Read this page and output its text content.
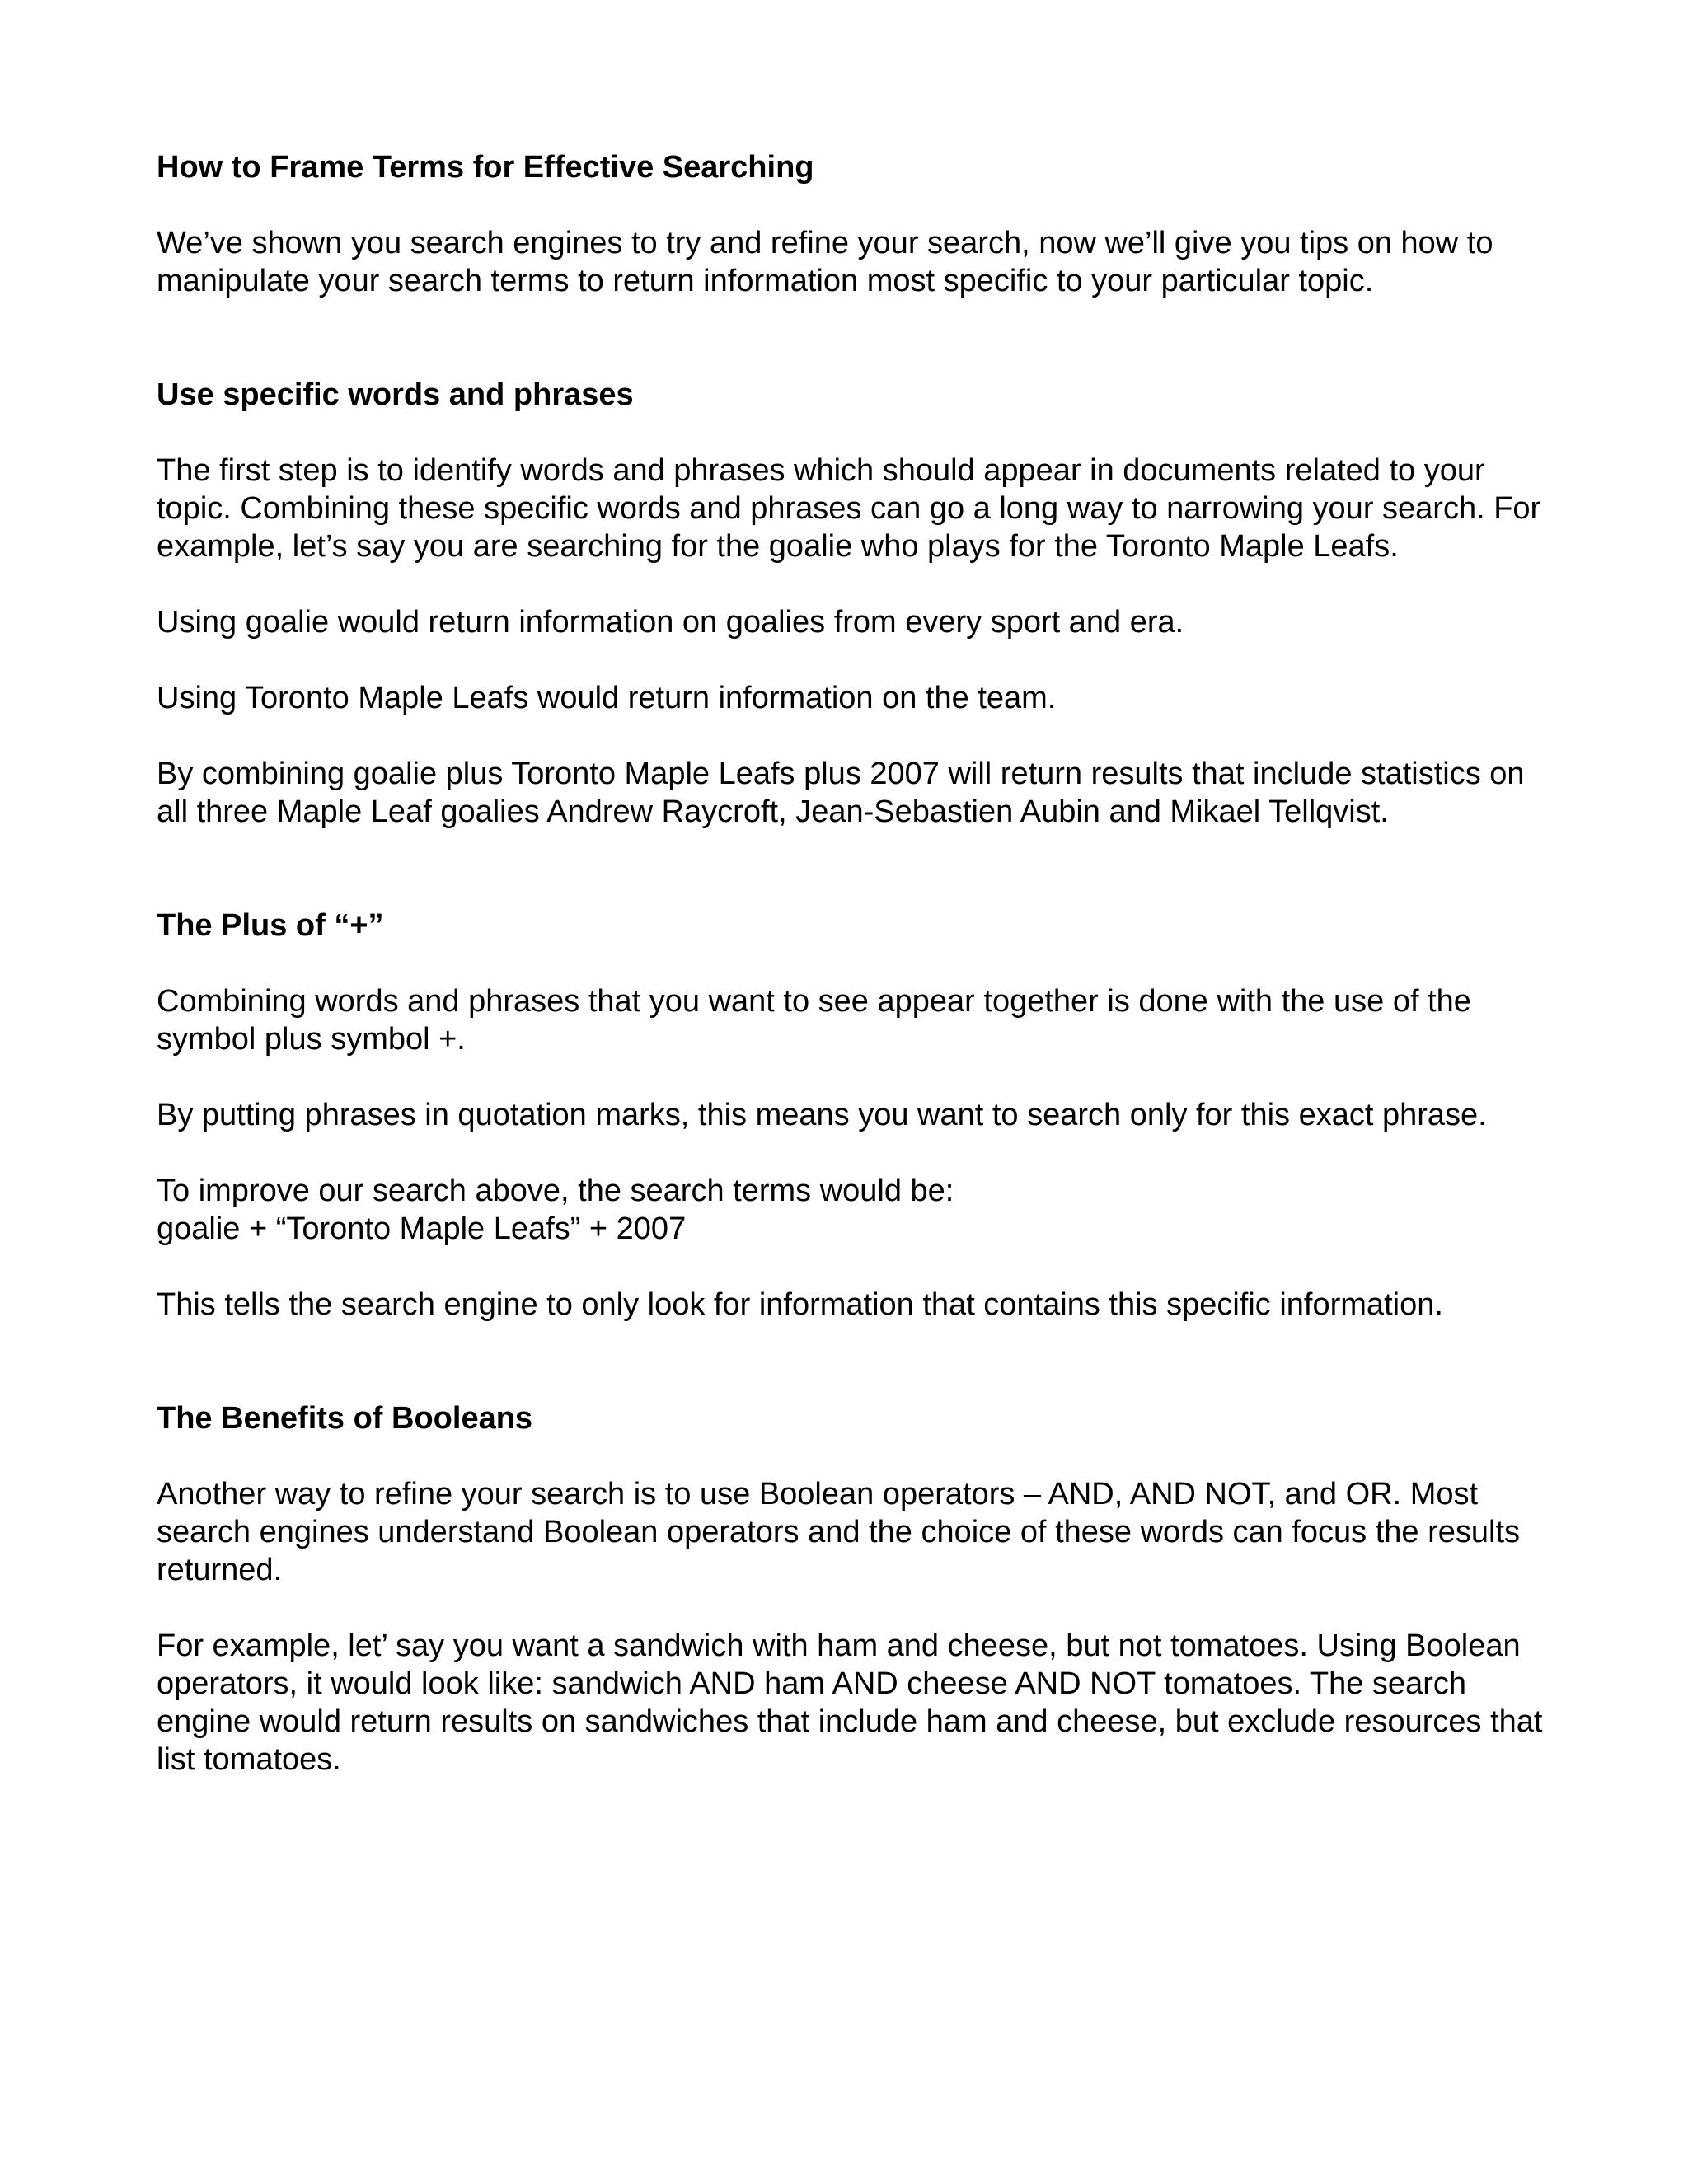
How to Frame Terms for Effective Searching

We’ve shown you search engines to try and refine your search, now we’ll give you tips on how to manipulate your search terms to return information most specific to your particular topic.

Use specific words and phrases

The first step is to identify words and phrases which should appear in documents related to your topic. Combining these specific words and phrases can go a long way to narrowing your search. For example, let’s say you are searching for the goalie who plays for the Toronto Maple Leafs.

Using goalie would return information on goalies from every sport and era.

Using Toronto Maple Leafs would return information on the team.

By combining goalie plus Toronto Maple Leafs plus 2007 will return results that include statistics on all three Maple Leaf goalies Andrew Raycroft, Jean-Sebastien Aubin and Mikael Tellqvist.

The Plus of “+”

Combining words and phrases that you want to see appear together is done with the use of the symbol plus symbol +.

By putting phrases in quotation marks, this means you want to search only for this exact phrase.

To improve our search above, the search terms would be:

goalie + “Toronto Maple Leafs” + 2007

This tells the search engine to only look for information that contains this specific information.

The Benefits of Booleans

Another way to refine your search is to use Boolean operators – AND, AND NOT, and OR. Most search engines understand Boolean operators and the choice of these words can focus the results returned.

For example, let’ say you want a sandwich with ham and cheese, but not tomatoes. Using Boolean operators, it would look like: sandwich AND ham AND cheese AND NOT tomatoes. The search engine would return results on sandwiches that include ham and cheese, but exclude resources that list tomatoes.
